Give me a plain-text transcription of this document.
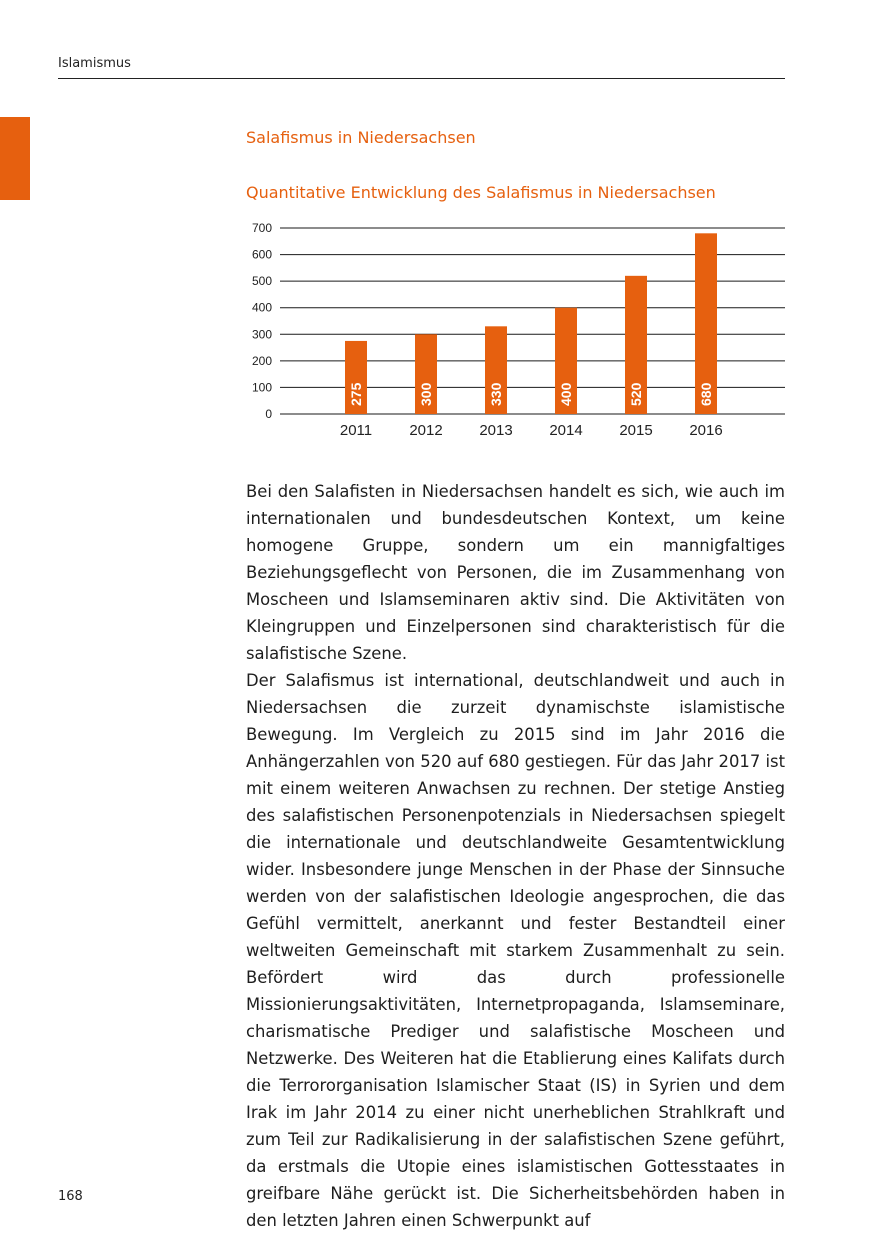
Islamismus
Salafismus in Niedersachsen
Quantitative Entwicklung des Salafismus in Niedersachsen
0
100
200
300
400
500
600
700
275
2011
300
2012
330
2013
400
2014
520
2015
680
2016

Bei den Salafisten in Niedersachsen handelt es sich, wie auch im internationalen und bundesdeutschen Kontext, um keine homogene Gruppe, sondern um ein mannigfaltiges Beziehungsgeflecht von Personen, die im Zusammenhang von Moscheen und Islamseminaren aktiv sind. Die Aktivitäten von Kleingruppen und Einzelpersonen sind charakteristisch für die salafistische Szene.

Der Salafismus ist international, deutschlandweit und auch in Niedersachsen die zurzeit dynamischste islamistische Bewegung. Im Vergleich zu 2015 sind im Jahr 2016 die Anhängerzahlen von 520 auf 680 gestiegen. Für das Jahr 2017 ist mit einem weiteren Anwachsen zu rechnen. Der stetige Anstieg des salafistischen Personenpotenzials in Niedersachsen spiegelt die internationale und deutschlandweite Gesamtentwicklung wider. Insbesondere junge Menschen in der Phase der Sinnsuche werden von der salafistischen Ideologie angesprochen, die das Gefühl vermittelt, anerkannt und fester Bestandteil einer weltweiten Gemeinschaft mit starkem Zusammenhalt zu sein. Befördert wird das durch professionelle Missionierungsaktivitäten, Internetpropaganda, Islamseminare, charismatische Prediger und salafistische Moscheen und Netzwerke. Des Weiteren hat die Etablierung eines Kalifats durch die Terrororganisation Islamischer Staat (IS) in Syrien und dem Irak im Jahr 2014 zu einer nicht unerheblichen Strahlkraft und zum Teil zur Radikalisierung in der salafistischen Szene geführt, da erstmals die Utopie eines islamistischen Gottesstaates in greifbare Nähe gerückt ist. Die Sicherheitsbehörden haben in den letzten Jahren einen Schwerpunkt auf

168
